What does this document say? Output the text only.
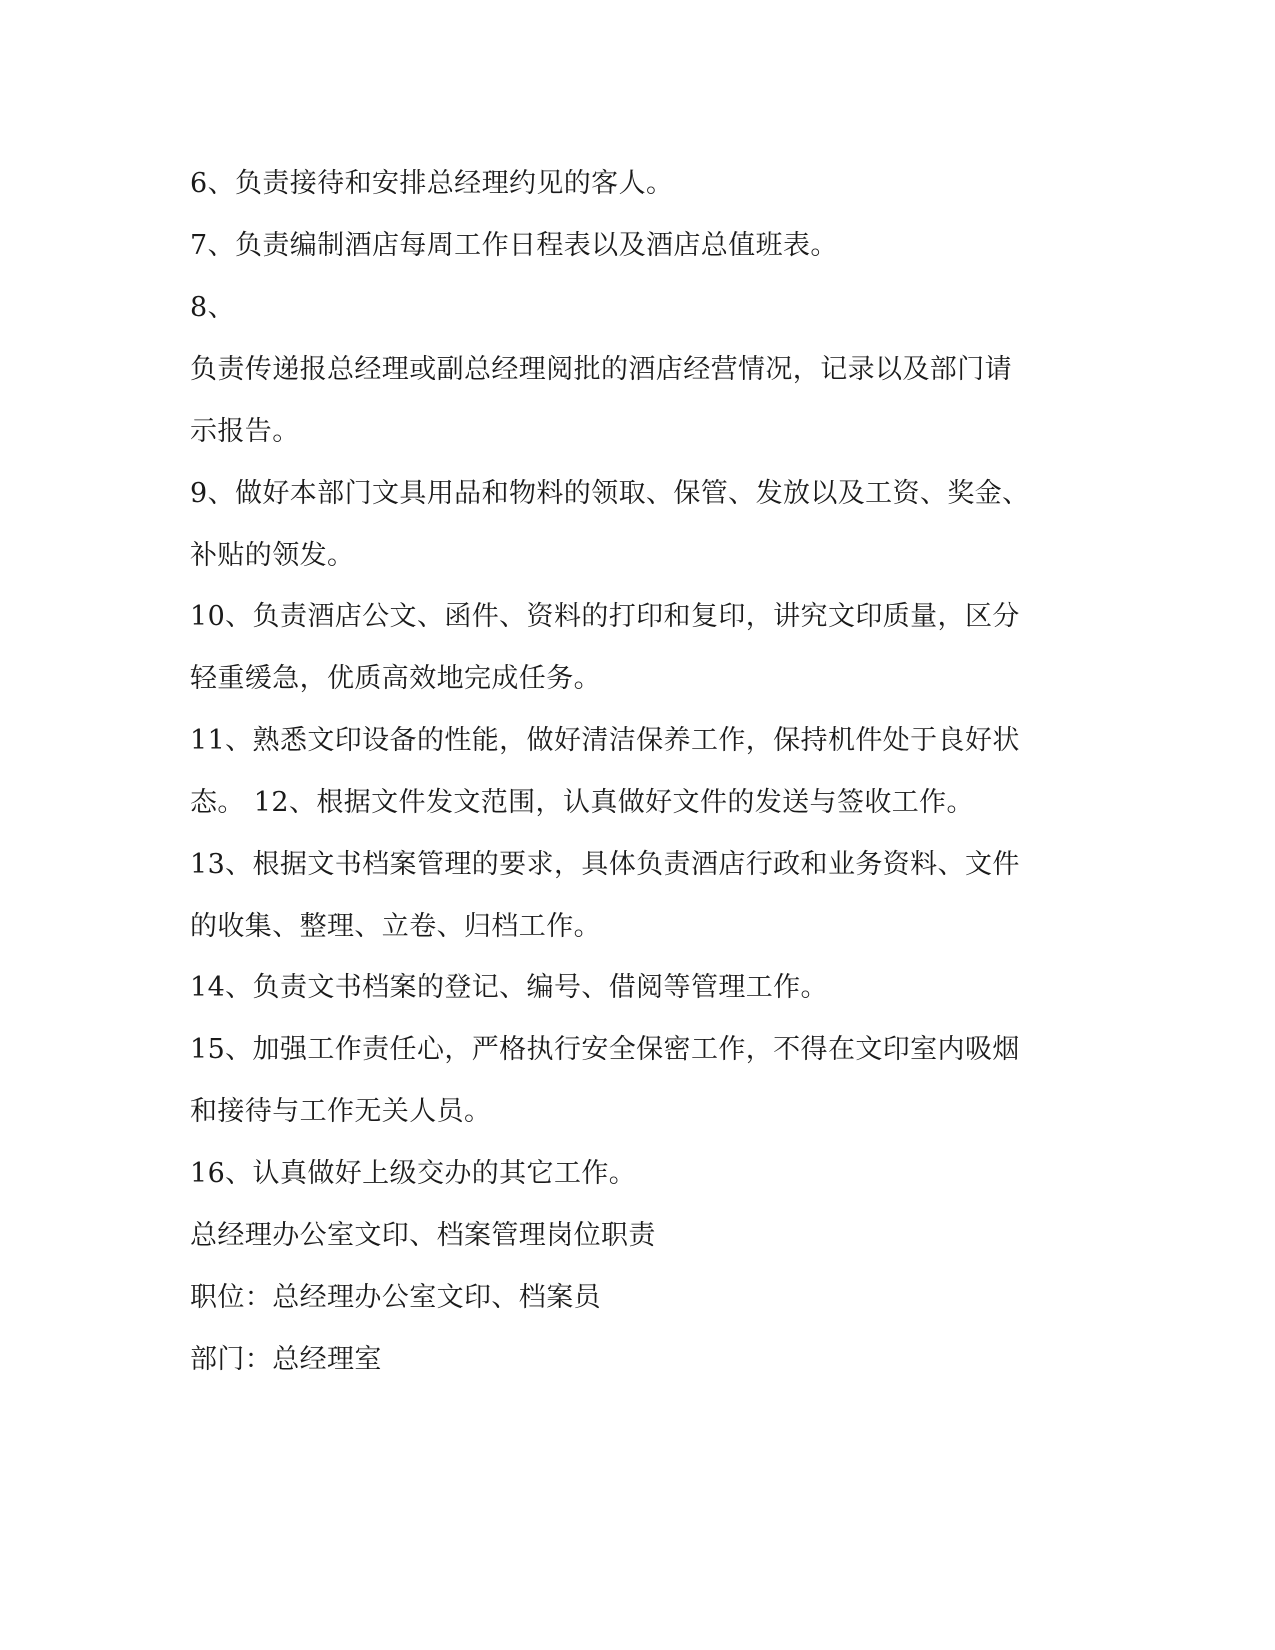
6、负责接待和安排总经理约见的客人。
7、负责编制酒店每周工作日程表以及酒店总值班表。
8、
负责传递报总经理或副总经理阅批的酒店经营情况，记录以及部门请
示报告。
9、做好本部门文具用品和物料的领取、保管、发放以及工资、奖金、
补贴的领发。
10、负责酒店公文、函件、资料的打印和复印，讲究文印质量，区分
轻重缓急，优质高效地完成任务。
11、熟悉文印设备的性能，做好清洁保养工作，保持机件处于良好状
态。 12、根据文件发文范围，认真做好文件的发送与签收工作。
13、根据文书档案管理的要求，具体负责酒店行政和业务资料、文件
的收集、整理、立卷、归档工作。
14、负责文书档案的登记、编号、借阅等管理工作。
15、加强工作责任心，严格执行安全保密工作，不得在文印室内吸烟
和接待与工作无关人员。
16、认真做好上级交办的其它工作。
总经理办公室文印、档案管理岗位职责
职位：总经理办公室文印、档案员
部门：总经理室
